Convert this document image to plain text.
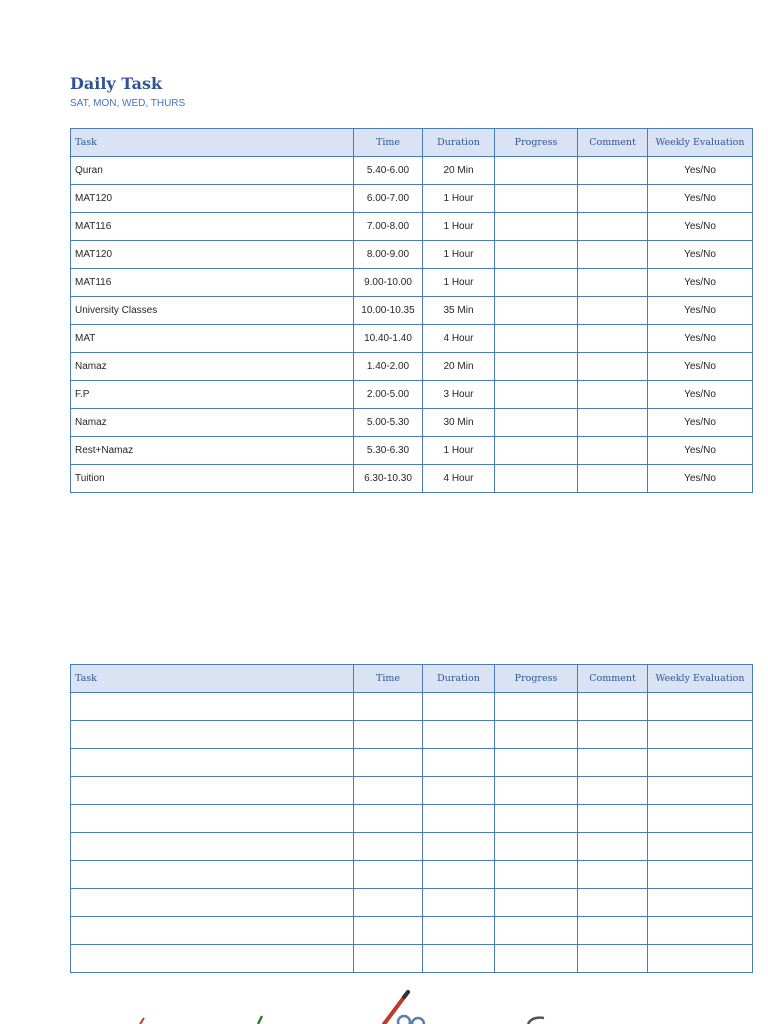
Daily Task

SAT, MON, WED, THURS

Task	Time	Duration	Progress	Comment	Weekly Evaluation
Quran	5.40-6.00	20 Min			Yes/No
MAT120	6.00-7.00	1 Hour			Yes/No
MAT116	7.00-8.00	1 Hour			Yes/No
MAT120	8.00-9.00	1 Hour			Yes/No
MAT116	9.00-10.00	1 Hour			Yes/No
University Classes	10.00-10.35	35 Min			Yes/No
MAT	10.40-1.40	4 Hour			Yes/No
Namaz	1.40-2.00	20 Min			Yes/No
F.P	2.00-5.00	3 Hour			Yes/No
Namaz	5.00-5.30	30 Min			Yes/No
Rest+Namaz	5.30-6.30	1 Hour			Yes/No
Tuition	6.30-10.30	4 Hour			Yes/No
Task	Time	Duration	Progress	Comment	Weekly Evaluation
